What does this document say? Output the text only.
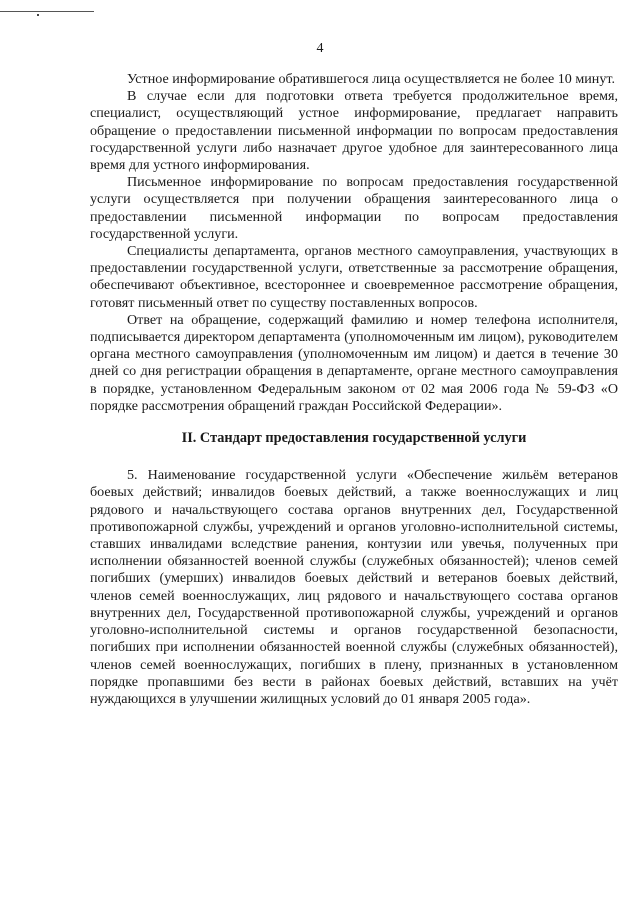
4

Устное информирование обратившегося лица осуществляется не более 10 минут.

В случае если для подготовки ответа требуется продолжительное время, специалист, осуществляющий устное информирование, предлагает направить обращение о предоставлении письменной информации по вопросам предоставления государственной услуги либо назначает другое удобное для заинтересованного лица время для устного информирования.

Письменное информирование по вопросам предоставления государственной услуги осуществляется при получении обращения заинтересованного лица о предоставлении письменной информации по вопросам предоставления государственной услуги.

Специалисты департамента, органов местного самоуправления, участвующих в предоставлении государственной услуги, ответственные за рассмотрение обращения, обеспечивают объективное, всестороннее и своевременное рассмотрение обращения, готовят письменный ответ по существу поставленных вопросов.

Ответ на обращение, содержащий фамилию и номер телефона исполнителя, подписывается директором департамента (уполномоченным им лицом), руководителем органа местного самоуправления (уполномоченным им лицом) и дается в течение 30 дней со дня регистрации обращения в департаменте, органе местного самоуправления в порядке, установленном Федеральным законом от 02 мая 2006 года № 59-ФЗ «О порядке рассмотрения обращений граждан Российской Федерации».

II. Стандарт предоставления государственной услуги

5. Наименование государственной услуги «Обеспечение жильём ветеранов боевых действий; инвалидов боевых действий, а также военнослужащих и лиц рядового и начальствующего состава органов внутренних дел, Государственной противопожарной службы, учреждений и органов уголовно-исполнительной системы, ставших инвалидами вследствие ранения, контузии или увечья, полученных при исполнении обязанностей военной службы (служебных обязанностей); членов семей погибших (умерших) инвалидов боевых действий и ветеранов боевых действий, членов семей военнослужащих, лиц рядового и начальствующего состава органов внутренних дел, Государственной противопожарной службы, учреждений и органов уголовно-исполнительной системы и органов государственной безопасности, погибших при исполнении обязанностей военной службы (служебных обязанностей), членов семей военнослужащих, погибших в плену, признанных в установленном порядке пропавшими без вести в районах боевых действий, вставших на учёт нуждающихся в улучшении жилищных условий до 01 января 2005 года».
